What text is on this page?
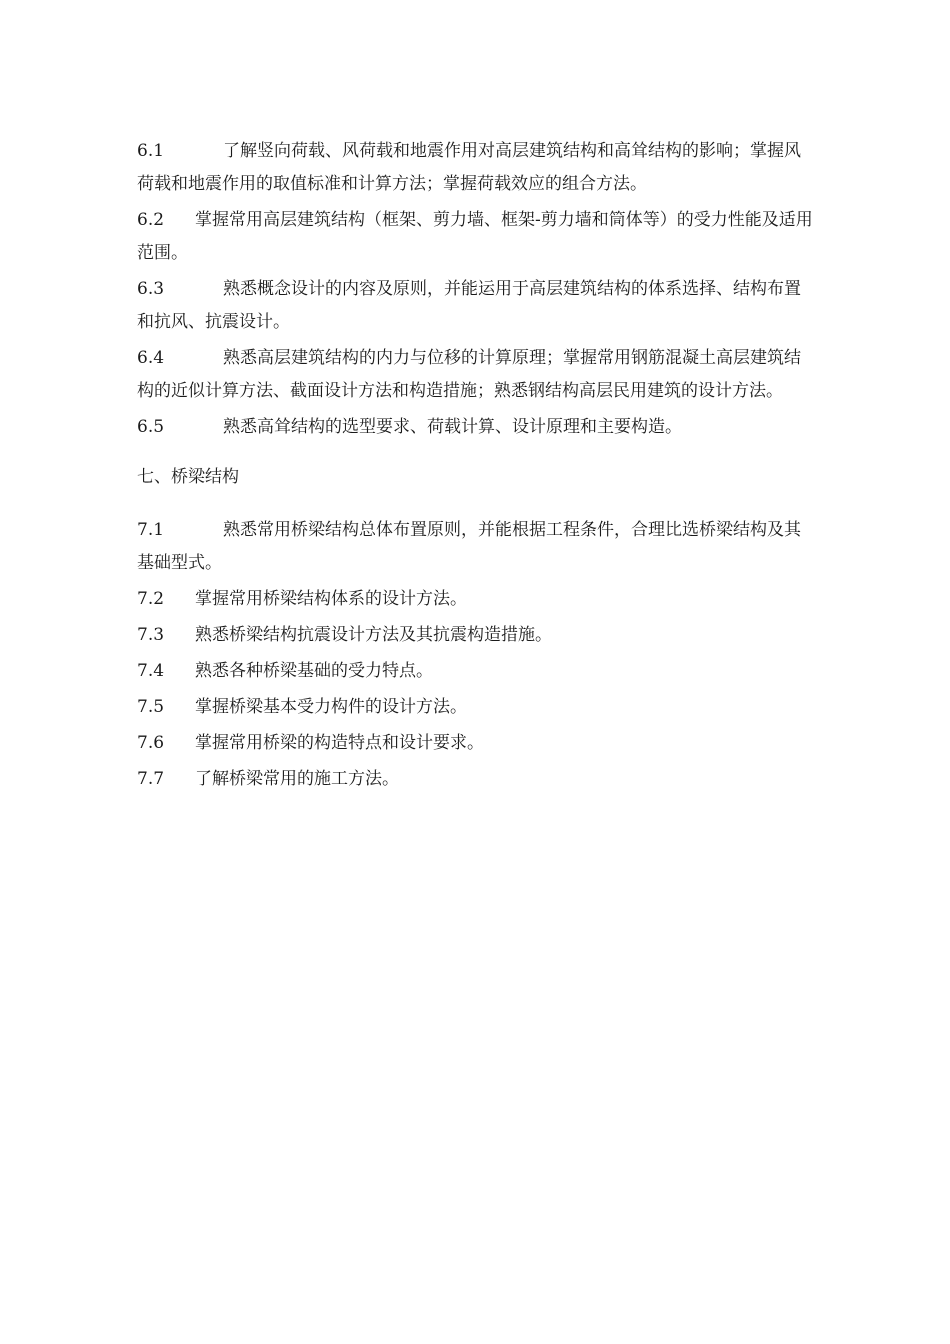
6.1	了解竖向荷载、风荷载和地震作用对高层建筑结构和高耸结构的影响；掌握风荷载和地震作用的取值标准和计算方法；掌握荷载效应的组合方法。

6.2 掌握常用高层建筑结构（框架、剪力墙、框架-剪力墙和筒体等）的受力性能及适用范围。

6.3	熟悉概念设计的内容及原则，并能运用于高层建筑结构的体系选择、结构布置和抗风、抗震设计。

6.4	熟悉高层建筑结构的内力与位移的计算原理；掌握常用钢筋混凝土高层建筑结构的近似计算方法、截面设计方法和构造措施；熟悉钢结构高层民用建筑的设计方法。

6.5	熟悉高耸结构的选型要求、荷载计算、设计原理和主要构造。

七、桥梁结构

7.1	熟悉常用桥梁结构总体布置原则，并能根据工程条件，合理比选桥梁结构及其基础型式。

7.2 掌握常用桥梁结构体系的设计方法。

7.3 熟悉桥梁结构抗震设计方法及其抗震构造措施。

7.4 熟悉各种桥梁基础的受力特点。

7.5 掌握桥梁基本受力构件的设计方法。

7.6 掌握常用桥梁的构造特点和设计要求。

7.7 了解桥梁常用的施工方法。
